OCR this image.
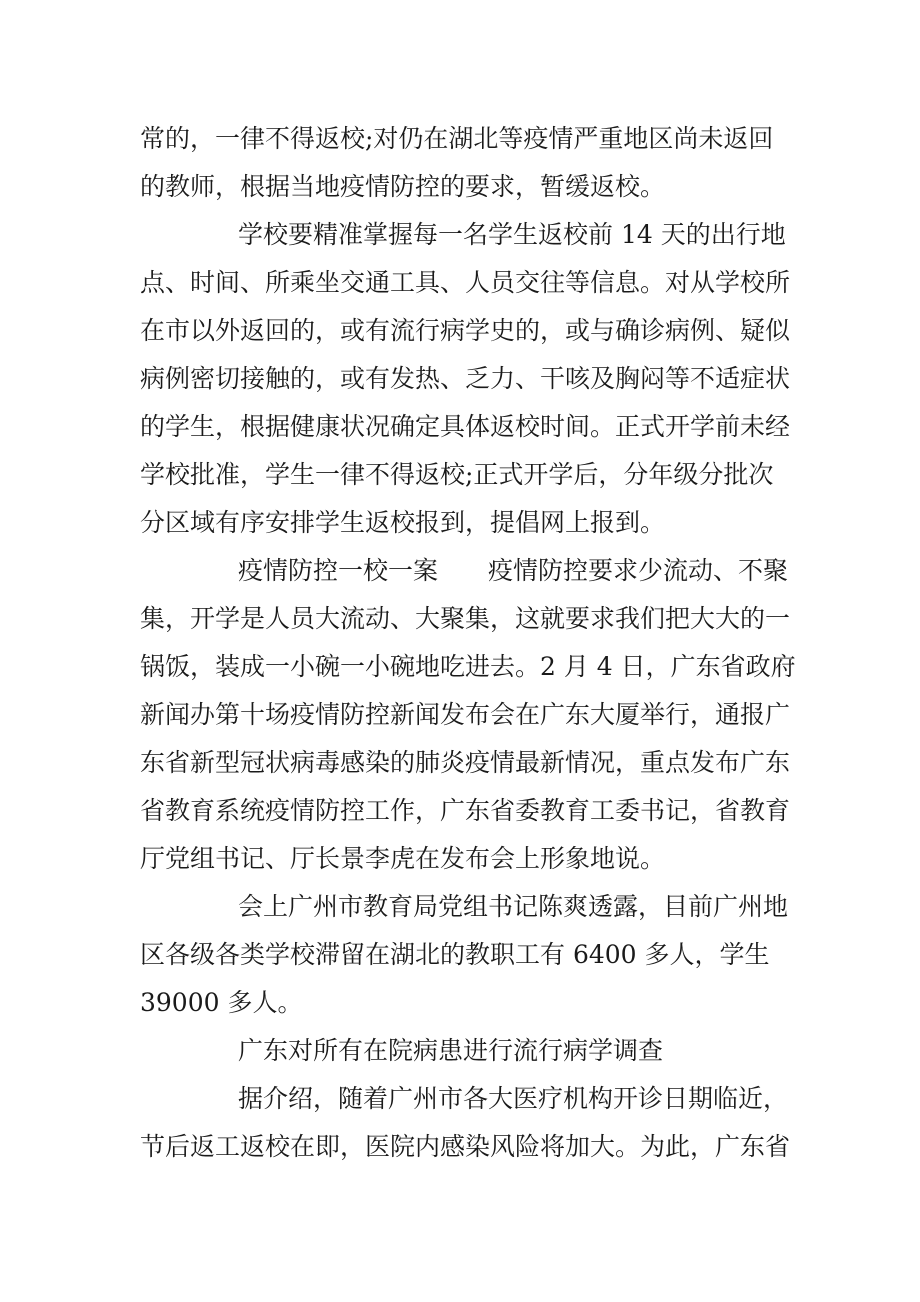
常的，一律不得返校;对仍在湖北等疫情严重地区尚未返回
的教师，根据当地疫情防控的要求，暂缓返校。
学校要精准掌握每一名学生返校前 14 天的出行地
点、时间、所乘坐交通工具、人员交往等信息。对从学校所
在市以外返回的，或有流行病学史的，或与确诊病例、疑似
病例密切接触的，或有发热、乏力、干咳及胸闷等不适症状
的学生，根据健康状况确定具体返校时间。正式开学前未经
学校批准，学生一律不得返校;正式开学后，分年级分批次
分区域有序安排学生返校报到，提倡网上报到。
疫情防控一校一案　　疫情防控要求少流动、不聚
集，开学是人员大流动、大聚集，这就要求我们把大大的一
锅饭，装成一小碗一小碗地吃进去。2 月 4 日，广东省政府
新闻办第十场疫情防控新闻发布会在广东大厦举行，通报广
东省新型冠状病毒感染的肺炎疫情最新情况，重点发布广东
省教育系统疫情防控工作，广东省委教育工委书记，省教育
厅党组书记、厅长景李虎在发布会上形象地说。
会上广州市教育局党组书记陈爽透露，目前广州地
区各级各类学校滞留在湖北的教职工有 6400 多人，学生
39000 多人。
广东对所有在院病患进行流行病学调查
据介绍，随着广州市各大医疗机构开诊日期临近，
节后返工返校在即，医院内感染风险将加大。为此，广东省
